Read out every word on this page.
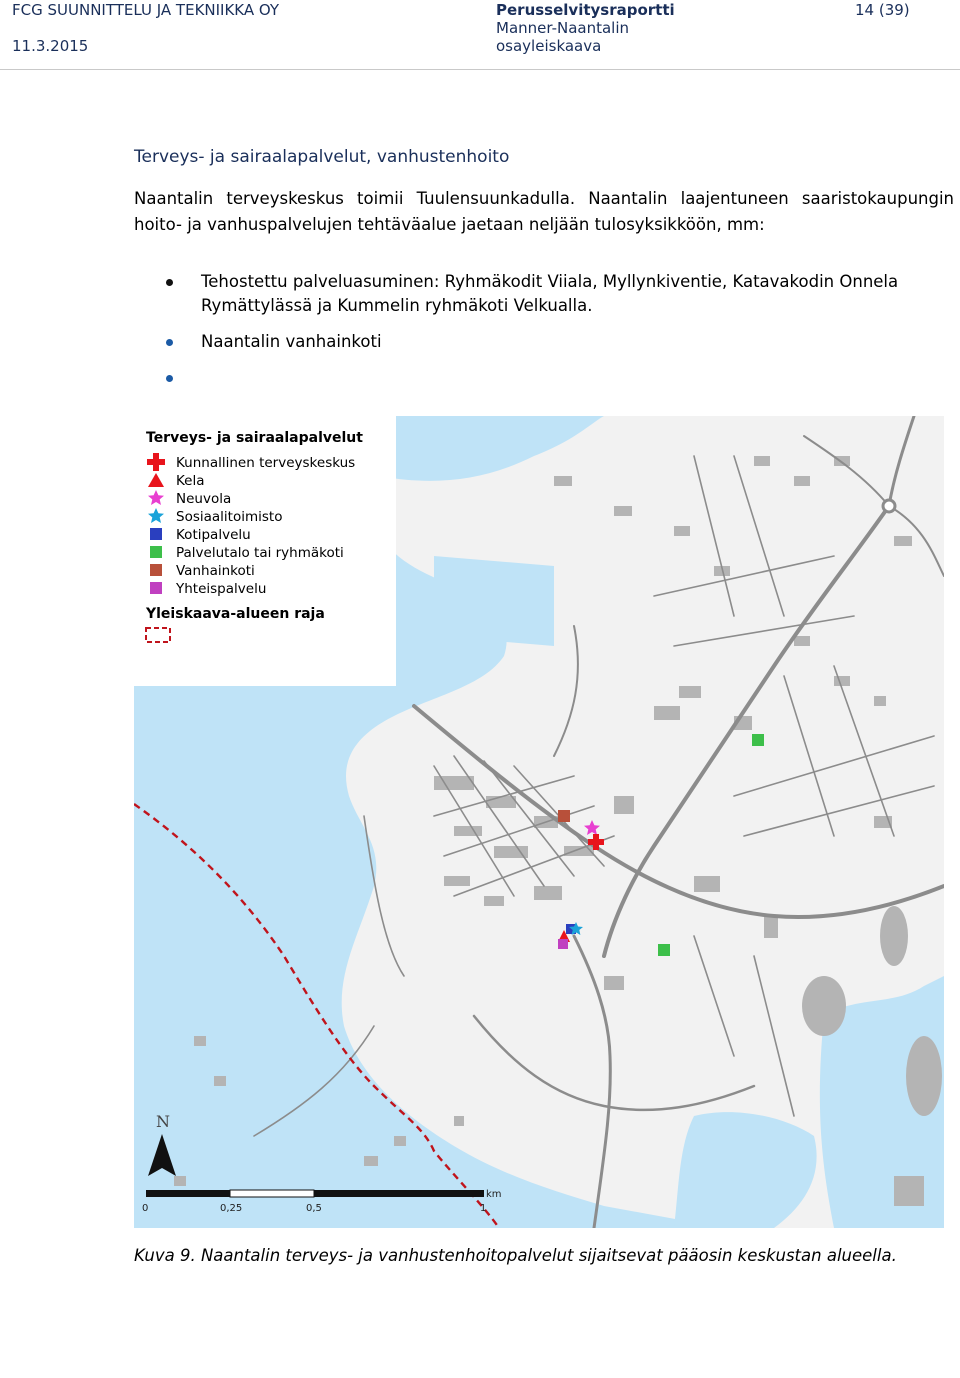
FCG SUUNNITTELU JA TEKNIIKKA OY
11.3.2015
Perusselvitysraportti
Manner-Naantalin
osayleiskaava
14 (39)
Terveys- ja sairaalapalvelut, vanhustenhoito
Naantalin terveyskeskus toimii Tuulensuunkadulla. Naantalin laajentuneen saaristokaupungin hoito- ja vanhuspalvelujen tehtäväalue jaetaan neljään tulosyksikköön, mm:
Tehostettu palveluasuminen: Ryhmäkodit Viiala, Myllynkiventie, Katavakodin Onnela Rymättylässä ja Kummelin ryhmäkoti Velkualla.
Naantalin vanhainkoti
Terveys- ja sairaalapalvelut
Kunnallinen terveyskeskus
Kela
Neuvola
Sosiaalitoimisto
Kotipalvelu
Palvelutalo tai ryhmäkoti
Vanhainkoti
Yhteispalvelu
Yleiskaava-alueen raja
N
km
0	0,25	0,5	1
Kuva 9. Naantalin terveys- ja vanhustenhoitopalvelut sijaitsevat pääosin keskustan alueella.
